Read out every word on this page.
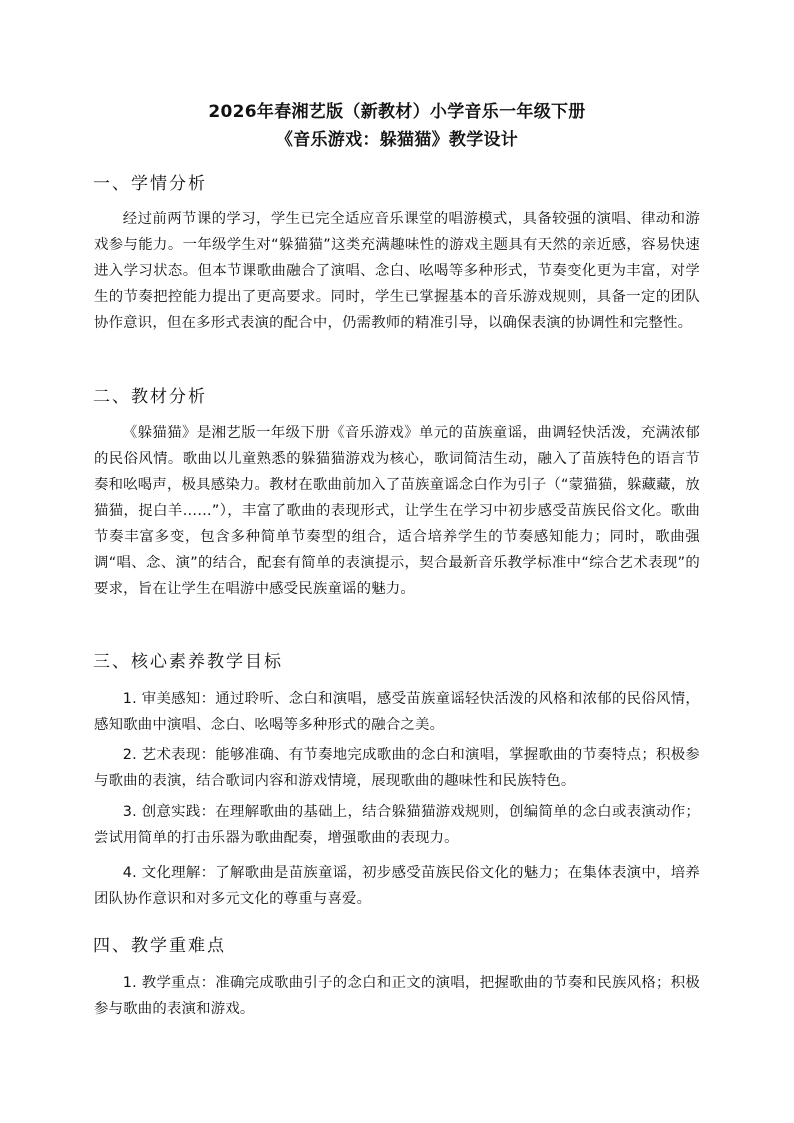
2026年春湘艺版（新教材）小学音乐一年级下册
《音乐游戏：躲猫猫》教学设计
一、学情分析

经过前两节课的学习，学生已完全适应音乐课堂的唱游模式，具备较强的演唱、律动和游戏参与能力。一年级学生对“躲猫猫”这类充满趣味性的游戏主题具有天然的亲近感，容易快速进入学习状态。但本节课歌曲融合了演唱、念白、吆喝等多种形式，节奏变化更为丰富，对学生的节奏把控能力提出了更高要求。同时，学生已掌握基本的音乐游戏规则，具备一定的团队协作意识，但在多形式表演的配合中，仍需教师的精准引导，以确保表演的协调性和完整性。

二、教材分析

《躲猫猫》是湘艺版一年级下册《音乐游戏》单元的苗族童谣，曲调轻快活泼，充满浓郁的民俗风情。歌曲以儿童熟悉的躲猫猫游戏为核心，歌词简洁生动，融入了苗族特色的语言节奏和吆喝声，极具感染力。教材在歌曲前加入了苗族童谣念白作为引子（“蒙猫猫，躲藏藏，放猫猫，捉白羊……”），丰富了歌曲的表现形式，让学生在学习中初步感受苗族民俗文化。歌曲节奏丰富多变，包含多种简单节奏型的组合，适合培养学生的节奏感知能力；同时，歌曲强调“唱、念、演”的结合，配套有简单的表演提示，契合最新音乐教学标准中“综合艺术表现”的要求，旨在让学生在唱游中感受民族童谣的魅力。

三、核心素养教学目标

1. 审美感知：通过聆听、念白和演唱，感受苗族童谣轻快活泼的风格和浓郁的民俗风情，感知歌曲中演唱、念白、吆喝等多种形式的融合之美。

2. 艺术表现：能够准确、有节奏地完成歌曲的念白和演唱，掌握歌曲的节奏特点；积极参与歌曲的表演，结合歌词内容和游戏情境，展现歌曲的趣味性和民族特色。

3. 创意实践：在理解歌曲的基础上，结合躲猫猫游戏规则，创编简单的念白或表演动作；尝试用简单的打击乐器为歌曲配奏，增强歌曲的表现力。

4. 文化理解：了解歌曲是苗族童谣，初步感受苗族民俗文化的魅力；在集体表演中，培养团队协作意识和对多元文化的尊重与喜爱。

四、教学重难点

1. 教学重点：准确完成歌曲引子的念白和正文的演唱，把握歌曲的节奏和民族风格；积极参与歌曲的表演和游戏。
